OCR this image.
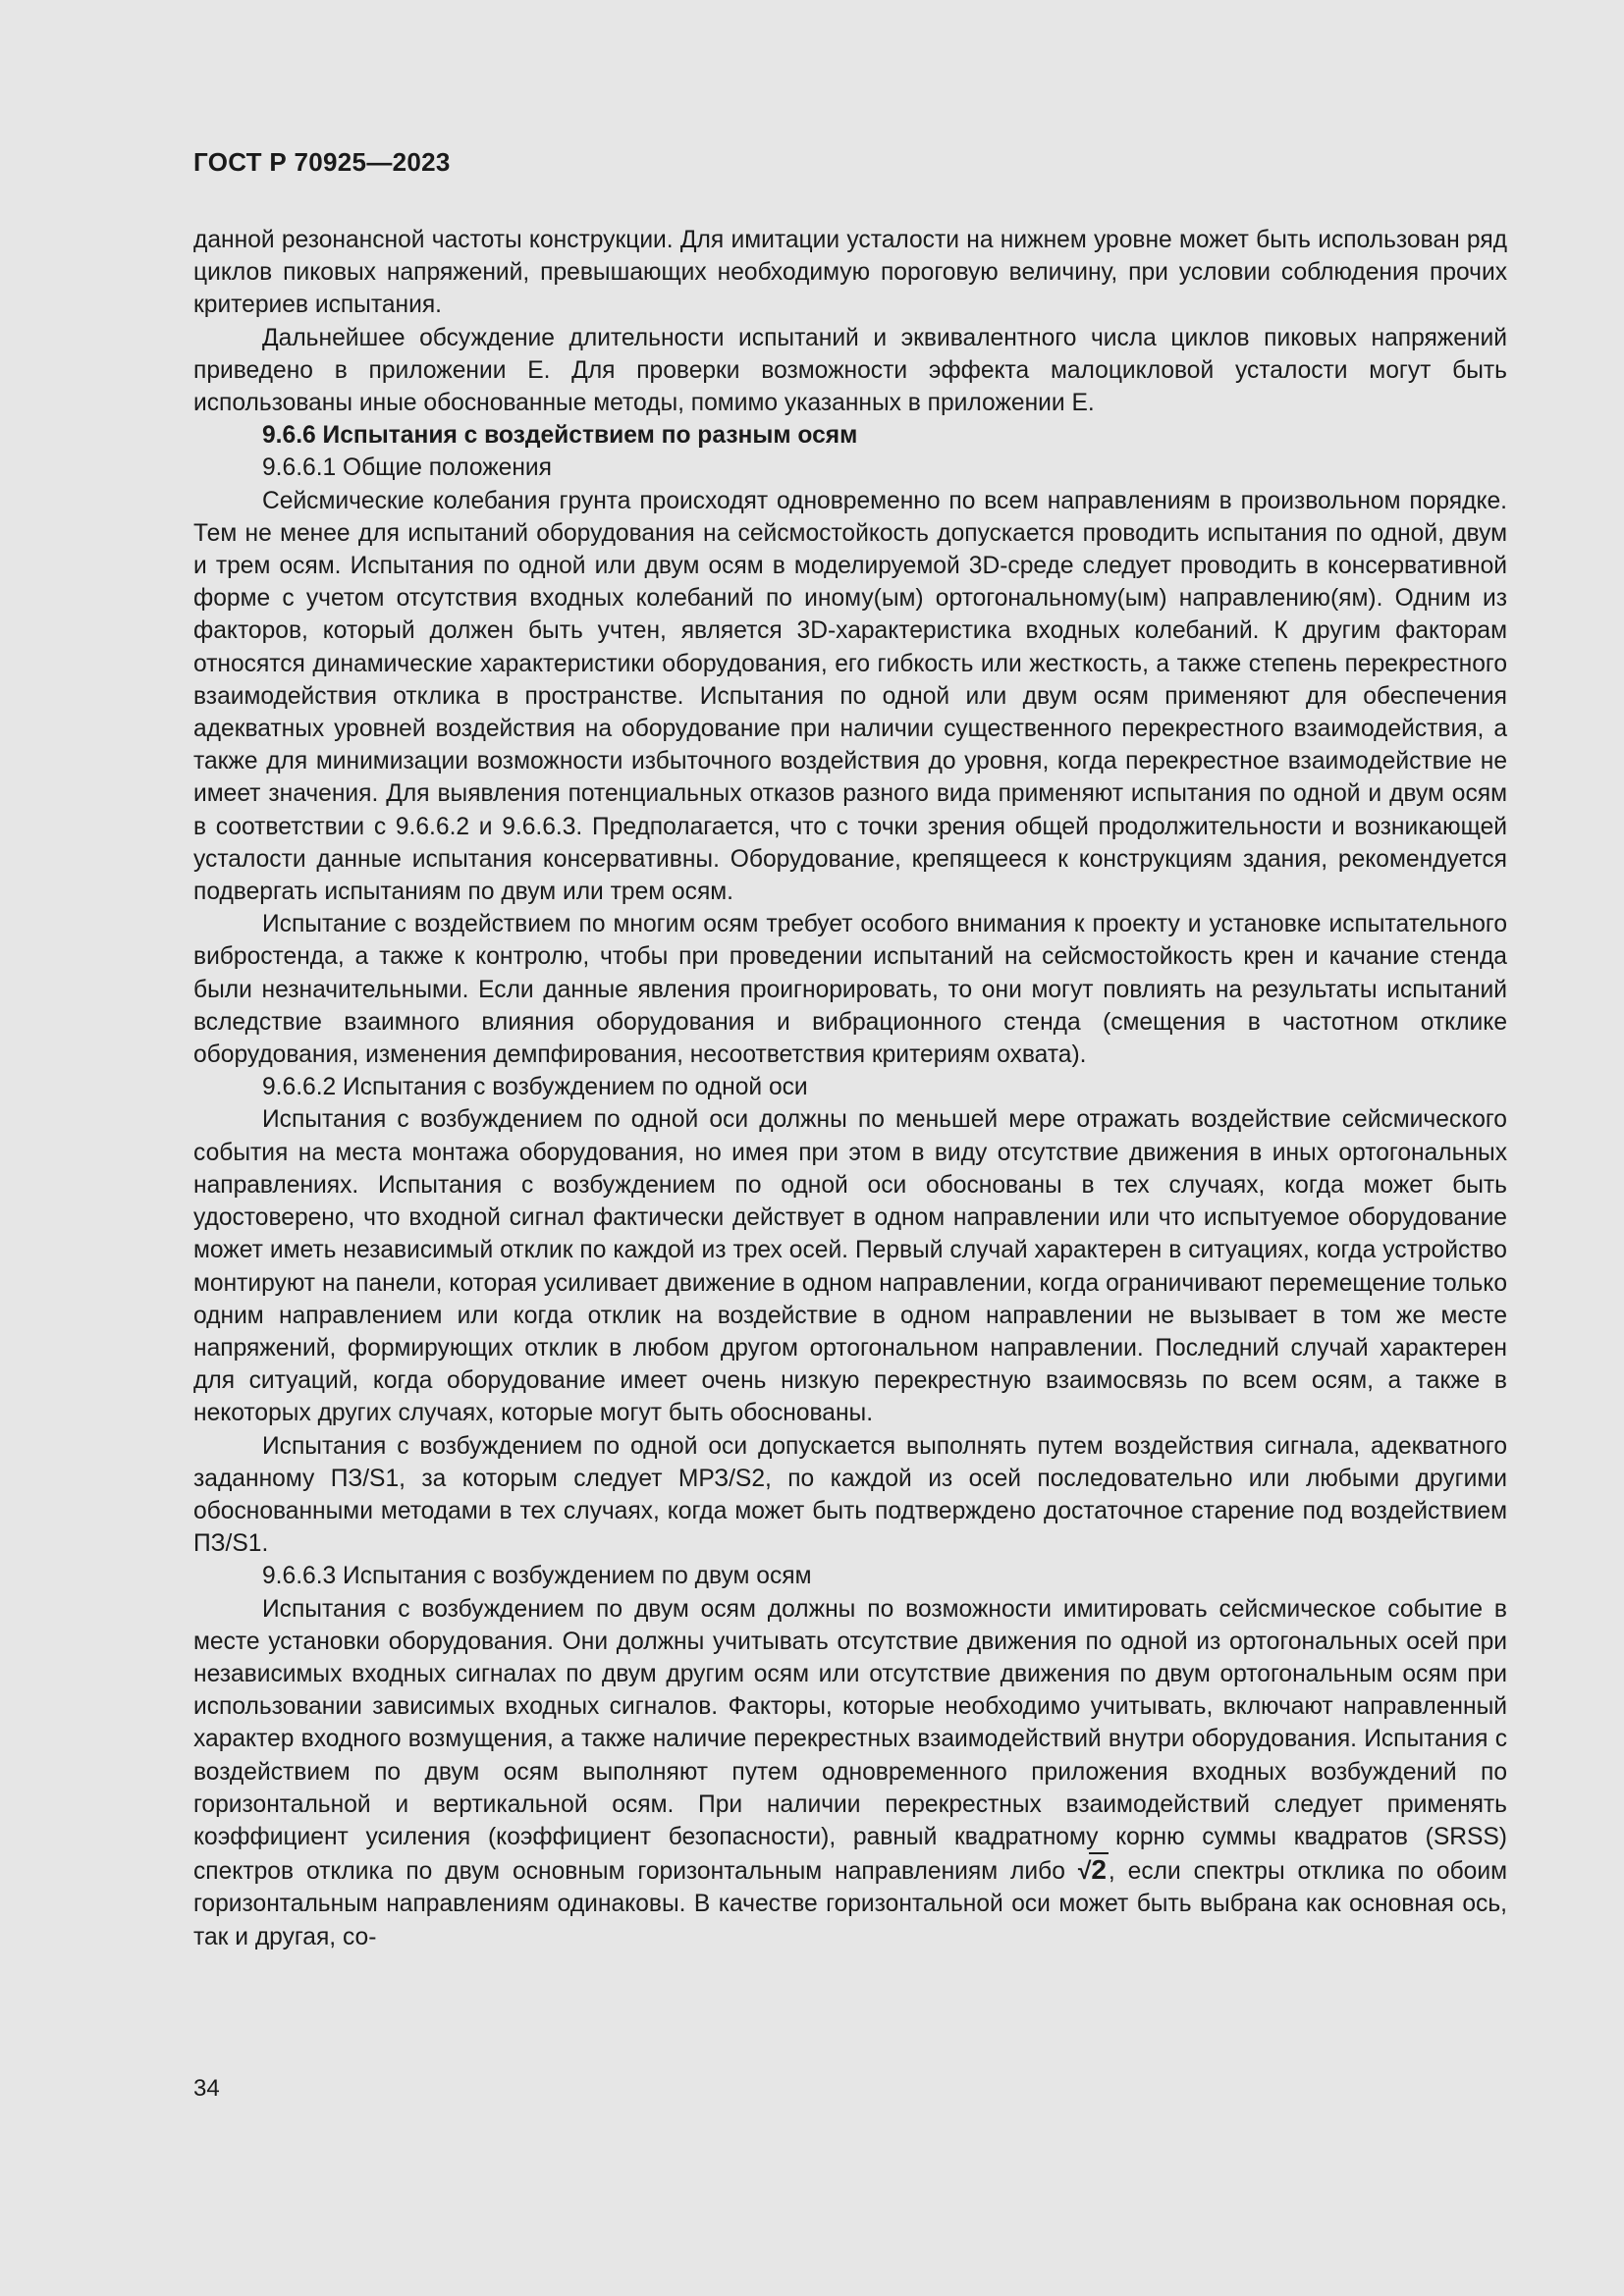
ГОСТ Р 70925—2023

данной резонансной частоты конструкции. Для имитации усталости на нижнем уровне может быть использован ряд циклов пиковых напряжений, превышающих необходимую пороговую величину, при условии соблюдения прочих критериев испытания.

Дальнейшее обсуждение длительности испытаний и эквивалентного числа циклов пиковых напряжений приведено в приложении Е. Для проверки возможности эффекта малоцикловой усталости могут быть использованы иные обоснованные методы, помимо указанных в приложении Е.

9.6.6 Испытания с воздействием по разным осям

9.6.6.1 Общие положения

Сейсмические колебания грунта происходят одновременно по всем направлениям в произвольном порядке. Тем не менее для испытаний оборудования на сейсмостойкость допускается проводить испытания по одной, двум и трем осям. Испытания по одной или двум осям в моделируемой 3D-среде следует проводить в консервативной форме с учетом отсутствия входных колебаний по иному(ым) ортогональному(ым) направлению(ям). Одним из факторов, который должен быть учтен, является 3D-характеристика входных колебаний. К другим факторам относятся динамические характеристики оборудования, его гибкость или жесткость, а также степень перекрестного взаимодействия отклика в пространстве. Испытания по одной или двум осям применяют для обеспечения адекватных уровней воздействия на оборудование при наличии существенного перекрестного взаимодействия, а также для минимизации возможности избыточного воздействия до уровня, когда перекрестное взаимодействие не имеет значения. Для выявления потенциальных отказов разного вида применяют испытания по одной и двум осям в соответствии с 9.6.6.2 и 9.6.6.3. Предполагается, что с точки зрения общей продолжительности и возникающей усталости данные испытания консервативны. Оборудование, крепящееся к конструкциям здания, рекомендуется подвергать испытаниям по двум или трем осям.

Испытание с воздействием по многим осям требует особого внимания к проекту и установке испытательного вибростенда, а также к контролю, чтобы при проведении испытаний на сейсмостойкость крен и качание стенда были незначительными. Если данные явления проигнорировать, то они могут повлиять на результаты испытаний вследствие взаимного влияния оборудования и вибрационного стенда (смещения в частотном отклике оборудования, изменения демпфирования, несоответствия критериям охвата).

9.6.6.2 Испытания с возбуждением по одной оси

Испытания с возбуждением по одной оси должны по меньшей мере отражать воздействие сейсмического события на места монтажа оборудования, но имея при этом в виду отсутствие движения в иных ортогональных направлениях. Испытания с возбуждением по одной оси обоснованы в тех случаях, когда может быть удостоверено, что входной сигнал фактически действует в одном направлении или что испытуемое оборудование может иметь независимый отклик по каждой из трех осей. Первый случай характерен в ситуациях, когда устройство монтируют на панели, которая усиливает движение в одном направлении, когда ограничивают перемещение только одним направлением или когда отклик на воздействие в одном направлении не вызывает в том же месте напряжений, формирующих отклик в любом другом ортогональном направлении. Последний случай характерен для ситуаций, когда оборудование имеет очень низкую перекрестную взаимосвязь по всем осям, а также в некоторых других случаях, которые могут быть обоснованы.

Испытания с возбуждением по одной оси допускается выполнять путем воздействия сигнала, адекватного заданному ПЗ/S1, за которым следует МРЗ/S2, по каждой из осей последовательно или любыми другими обоснованными методами в тех случаях, когда может быть подтверждено достаточное старение под воздействием ПЗ/S1.

9.6.6.3 Испытания с возбуждением по двум осям

Испытания с возбуждением по двум осям должны по возможности имитировать сейсмическое событие в месте установки оборудования. Они должны учитывать отсутствие движения по одной из ортогональных осей при независимых входных сигналах по двум другим осям или отсутствие движения по двум ортогональным осям при использовании зависимых входных сигналов. Факторы, которые необходимо учитывать, включают направленный характер входного возмущения, а также наличие перекрестных взаимодействий внутри оборудования. Испытания с воздействием по двум осям выполняют путем одновременного приложения входных возбуждений по горизонтальной и вертикальной осям. При наличии перекрестных взаимодействий следует применять коэффициент усиления (коэффициент безопасности), равный квадратному корню суммы квадратов (SRSS) спектров отклика по двум основным горизонтальным направлениям либо √2, если спектры отклика по обоим горизонтальным направлениям одинаковы. В качестве горизонтальной оси может быть выбрана как основная ось, так и другая, со-

34
